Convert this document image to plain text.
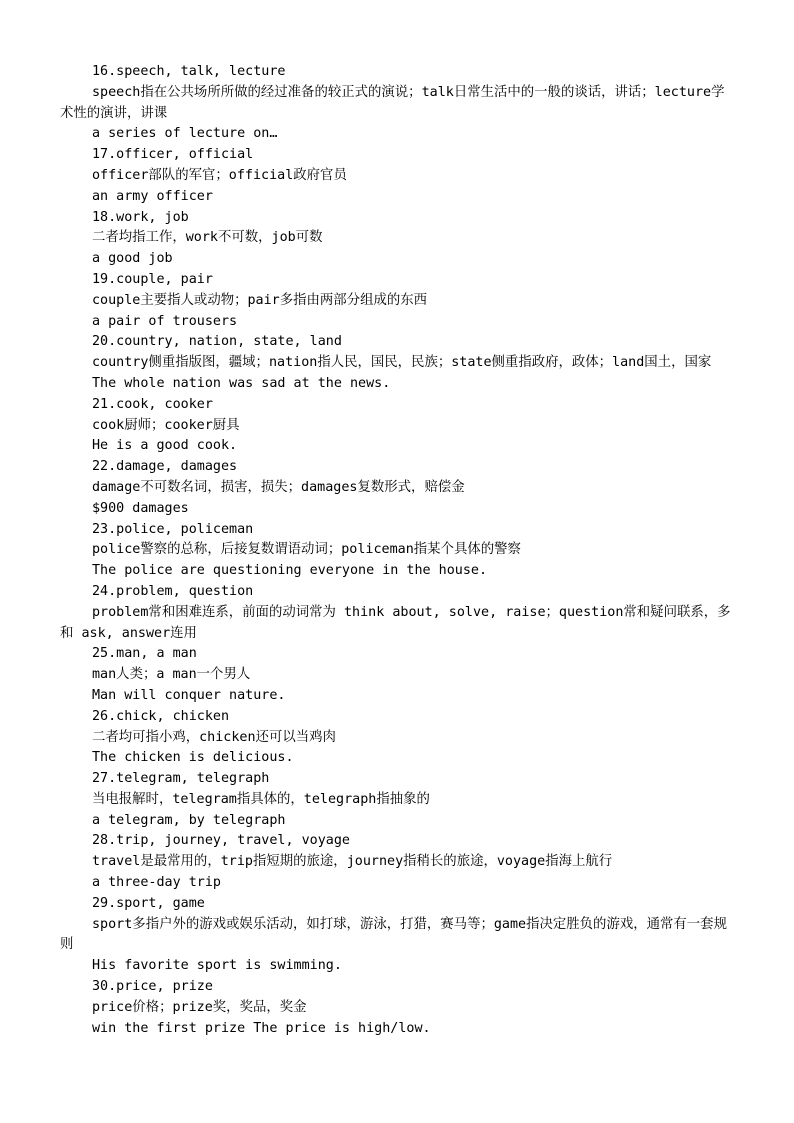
16.speech, talk, lecture
speech指在公共场所所做的经过准备的较正式的演说；talk日常生活中的一般的谈话，讲话；lecture学术性的演讲，讲课
a series of lecture on…
17.officer, official
officer部队的军官；official政府官员
an army officer
18.work, job
二者均指工作，work不可数，job可数
a good job
19.couple, pair
couple主要指人或动物；pair多指由两部分组成的东西
a pair of trousers
20.country, nation, state, land
country侧重指版图，疆域；nation指人民，国民，民族；state侧重指政府，政体；land国土，国家
The whole nation was sad at the news.
21.cook, cooker
cook厨师；cooker厨具
He is a good cook.
22.damage, damages
damage不可数名词，损害，损失；damages复数形式，赔偿金
$900 damages
23.police, policeman
police警察的总称，后接复数谓语动词；policeman指某个具体的警察
The police are questioning everyone in the house.
24.problem, question
problem常和困难连系，前面的动词常为 think about, solve, raise；question常和疑问联系，多和 ask, answer连用
25.man, a man
man人类；a man一个男人
Man will conquer nature.
26.chick, chicken
二者均可指小鸡，chicken还可以当鸡肉
The chicken is delicious.
27.telegram, telegraph
当电报解时，telegram指具体的，telegraph指抽象的
a telegram, by telegraph
28.trip, journey, travel, voyage
travel是最常用的，trip指短期的旅途，journey指稍长的旅途，voyage指海上航行
a three-day trip
29.sport, game
sport多指户外的游戏或娱乐活动，如打球，游泳，打猎，赛马等；game指决定胜负的游戏，通常有一套规则
His favorite sport is swimming.
30.price, prize
price价格；prize奖，奖品，奖金
win the first prize The price is high/low.
